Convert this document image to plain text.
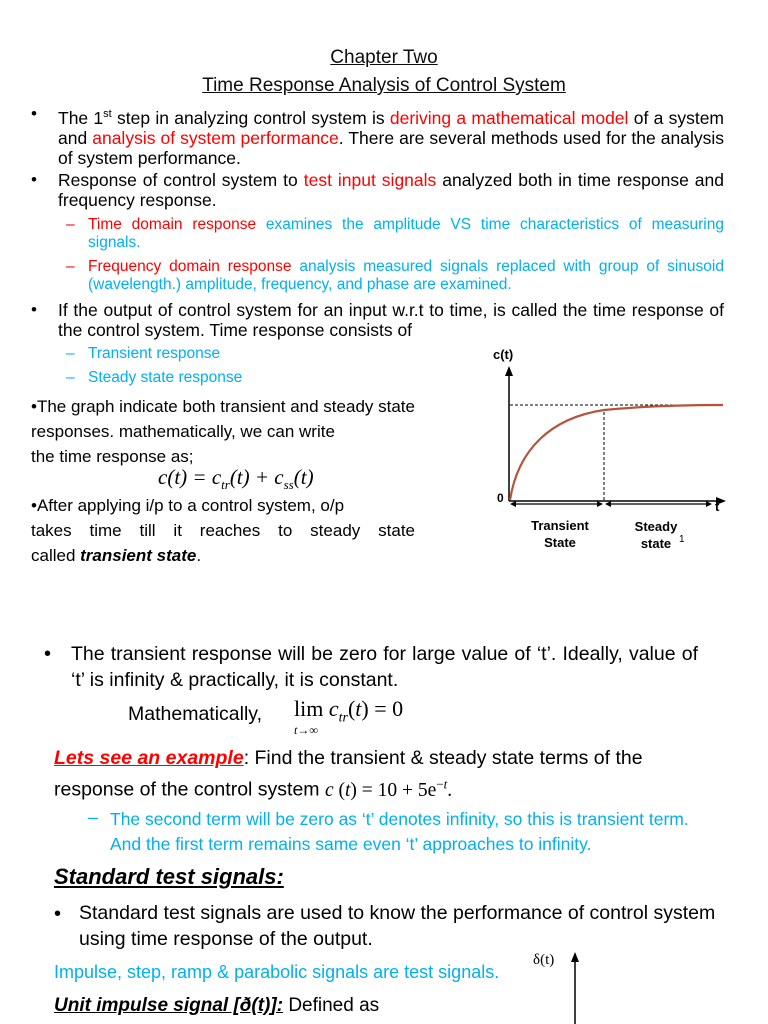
Chapter Two
Time Response Analysis of Control System
• The 1st step in analyzing control system is deriving a mathematical model of a system and analysis of system performance. There are several methods used for the analysis of system performance.
• Response of control system to test input signals analyzed both in time response and frequency response.
– Time domain response examines the amplitude VS time characteristics of measuring signals.
– Frequency domain response analysis measured signals replaced with group of sinusoid (wavelength.) amplitude, frequency, and phase are examined.
• If the output of control system for an input w.r.t to time, is called the time response of the control system. Time response consists of
– Transient response
– Steady state response
•The graph indicate both transient and steady state
responses. mathematically, we can write
the time response as;
$c(t) = c_{tr}(t) + c_{ss}(t)$
•After applying i/p to a control system, o/p
takes time till it reaches to steady state
called transient state.
c(t)
0
t
Transient
State
Steady
state 1
• The transient response will be zero for large value of ‘t’. Ideally, value of ‘t’ is infinity & practically, it is constant.
Mathematically, $\lim c_{tr}(t) = 0$
t→∞
Lets see an example: Find the transient & steady state terms of the response of the control system c $(t) = 10 + 5e^{-t}$.
– The second term will be zero as ‘t’ denotes infinity, so this is transient term. And the first term remains same even ‘t’ approaches to infinity.
Standard test signals:
• Standard test signals are used to know the performance of control system using time response of the output.
Impulse, step, ramp & parabolic signals are test signals.
δ(t)
Unit impulse signal [ð(t)]: Defined as
